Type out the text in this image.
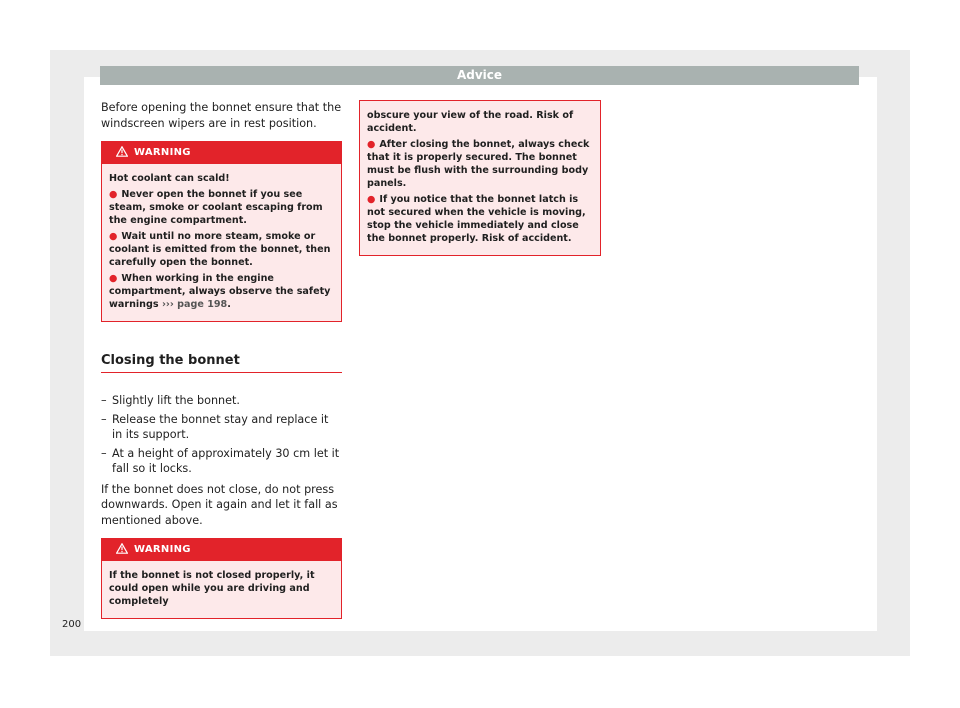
Advice

Before opening the bonnet ensure that the windscreen wipers are in rest position.

WARNING

Hot coolant can scald!

● Never open the bonnet if you see steam, smoke or coolant escaping from the engine compartment.

● Wait until no more steam, smoke or coolant is emitted from the bonnet, then carefully open the bonnet.

● When working in the engine compartment, always observe the safety warnings ››› page 198.

Closing the bonnet
– Slightly lift the bonnet.
– Release the bonnet stay and replace it in its support.
– At a height of approximately 30 cm let it fall so it locks.

If the bonnet does not close, do not press downwards. Open it again and let it fall as mentioned above.

WARNING

If the bonnet is not closed properly, it could open while you are driving and completely

obscure your view of the road. Risk of accident.

● After closing the bonnet, always check that it is properly secured. The bonnet must be flush with the surrounding body panels.

● If you notice that the bonnet latch is not secured when the vehicle is moving, stop the vehicle immediately and close the bonnet properly. Risk of accident.

200
